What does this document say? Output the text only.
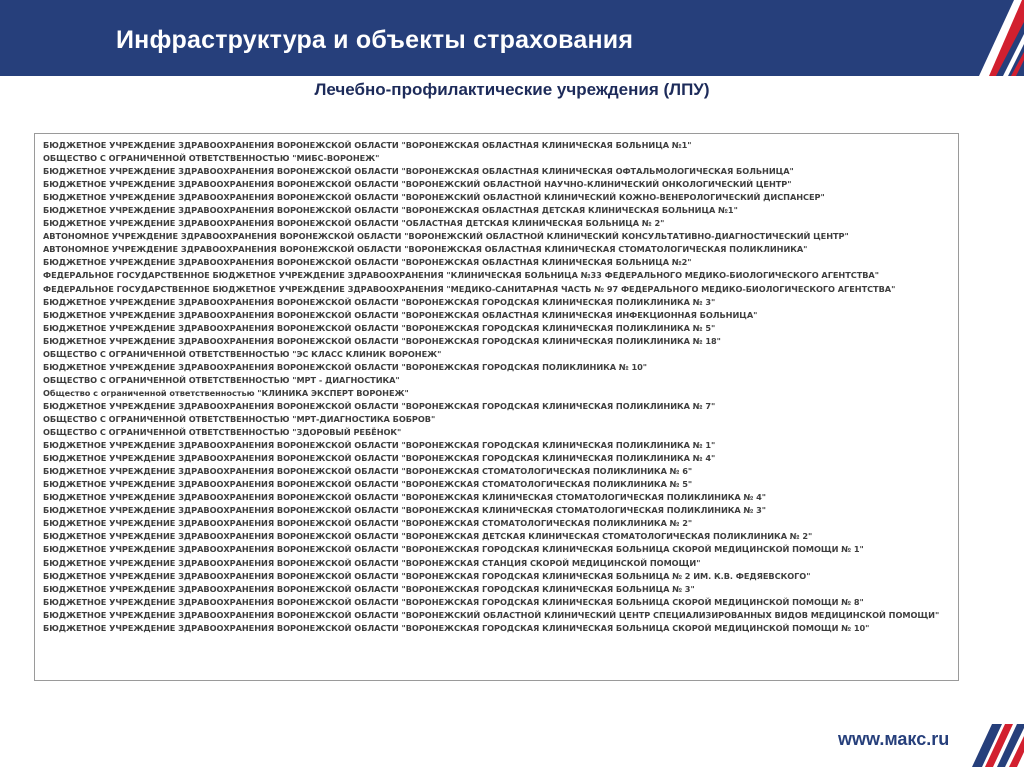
Инфраструктура и объекты страхования
Лечебно-профилактические учреждения (ЛПУ)
БЮДЖЕТНОЕ УЧРЕЖДЕНИЕ ЗДРАВООХРАНЕНИЯ ВОРОНЕЖСКОЙ ОБЛАСТИ "ВОРОНЕЖСКАЯ ОБЛАСТНАЯ КЛИНИЧЕСКАЯ БОЛЬНИЦА №1"
ОБЩЕСТВО С ОГРАНИЧЕННОЙ ОТВЕТСТВЕННОСТЬЮ "МИБС-ВОРОНЕЖ"
БЮДЖЕТНОЕ УЧРЕЖДЕНИЕ ЗДРАВООХРАНЕНИЯ ВОРОНЕЖСКОЙ ОБЛАСТИ "ВОРОНЕЖСКАЯ ОБЛАСТНАЯ КЛИНИЧЕСКАЯ ОФТАЛЬМОЛОГИЧЕСКАЯ БОЛЬНИЦА"
БЮДЖЕТНОЕ УЧРЕЖДЕНИЕ ЗДРАВООХРАНЕНИЯ ВОРОНЕЖСКОЙ ОБЛАСТИ "ВОРОНЕЖСКИЙ ОБЛАСТНОЙ НАУЧНО-КЛИНИЧЕСКИЙ ОНКОЛОГИЧЕСКИЙ ЦЕНТР"
БЮДЖЕТНОЕ УЧРЕЖДЕНИЕ ЗДРАВООХРАНЕНИЯ ВОРОНЕЖСКОЙ ОБЛАСТИ "ВОРОНЕЖСКИЙ ОБЛАСТНОЙ КЛИНИЧЕСКИЙ КОЖНО-ВЕНЕРОЛОГИЧЕСКИЙ ДИСПАНСЕР"
БЮДЖЕТНОЕ УЧРЕЖДЕНИЕ ЗДРАВООХРАНЕНИЯ ВОРОНЕЖСКОЙ ОБЛАСТИ "ВОРОНЕЖСКАЯ ОБЛАСТНАЯ ДЕТСКАЯ КЛИНИЧЕСКАЯ БОЛЬНИЦА №1"
БЮДЖЕТНОЕ УЧРЕЖДЕНИЕ ЗДРАВООХРАНЕНИЯ ВОРОНЕЖСКОЙ ОБЛАСТИ "ОБЛАСТНАЯ ДЕТСКАЯ КЛИНИЧЕСКАЯ БОЛЬНИЦА № 2"
АВТОНОМНОЕ УЧРЕЖДЕНИЕ ЗДРАВООХРАНЕНИЯ ВОРОНЕЖСКОЙ ОБЛАСТИ "ВОРОНЕЖСКИЙ ОБЛАСТНОЙ КЛИНИЧЕСКИЙ КОНСУЛЬТАТИВНО-ДИАГНОСТИЧЕСКИЙ ЦЕНТР"
АВТОНОМНОЕ УЧРЕЖДЕНИЕ ЗДРАВООХРАНЕНИЯ ВОРОНЕЖСКОЙ ОБЛАСТИ "ВОРОНЕЖСКАЯ ОБЛАСТНАЯ КЛИНИЧЕСКАЯ СТОМАТОЛОГИЧЕСКАЯ ПОЛИКЛИНИКА"
БЮДЖЕТНОЕ УЧРЕЖДЕНИЕ ЗДРАВООХРАНЕНИЯ ВОРОНЕЖСКОЙ ОБЛАСТИ "ВОРОНЕЖСКАЯ ОБЛАСТНАЯ КЛИНИЧЕСКАЯ БОЛЬНИЦА №2"
ФЕДЕРАЛЬНОЕ ГОСУДАРСТВЕННОЕ БЮДЖЕТНОЕ УЧРЕЖДЕНИЕ ЗДРАВООХРАНЕНИЯ "КЛИНИЧЕСКАЯ БОЛЬНИЦА №33 ФЕДЕРАЛЬНОГО МЕДИКО-БИОЛОГИЧЕСКОГО АГЕНТСТВА"
ФЕДЕРАЛЬНОЕ ГОСУДАРСТВЕННОЕ БЮДЖЕТНОЕ УЧРЕЖДЕНИЕ ЗДРАВООХРАНЕНИЯ "МЕДИКО-САНИТАРНАЯ ЧАСТЬ № 97 ФЕДЕРАЛЬНОГО МЕДИКО-БИОЛОГИЧЕСКОГО АГЕНТСТВА"
БЮДЖЕТНОЕ УЧРЕЖДЕНИЕ ЗДРАВООХРАНЕНИЯ ВОРОНЕЖСКОЙ ОБЛАСТИ "ВОРОНЕЖСКАЯ ГОРОДСКАЯ КЛИНИЧЕСКАЯ ПОЛИКЛИНИКА № 3"
БЮДЖЕТНОЕ УЧРЕЖДЕНИЕ ЗДРАВООХРАНЕНИЯ ВОРОНЕЖСКОЙ ОБЛАСТИ "ВОРОНЕЖСКАЯ ОБЛАСТНАЯ КЛИНИЧЕСКАЯ ИНФЕКЦИОННАЯ БОЛЬНИЦА"
БЮДЖЕТНОЕ УЧРЕЖДЕНИЕ ЗДРАВООХРАНЕНИЯ ВОРОНЕЖСКОЙ ОБЛАСТИ "ВОРОНЕЖСКАЯ ГОРОДСКАЯ КЛИНИЧЕСКАЯ ПОЛИКЛИНИКА № 5"
БЮДЖЕТНОЕ УЧРЕЖДЕНИЕ ЗДРАВООХРАНЕНИЯ ВОРОНЕЖСКОЙ ОБЛАСТИ "ВОРОНЕЖСКАЯ ГОРОДСКАЯ КЛИНИЧЕСКАЯ ПОЛИКЛИНИКА № 18"
ОБЩЕСТВО С ОГРАНИЧЕННОЙ ОТВЕТСТВЕННОСТЬЮ "ЭС КЛАСС КЛИНИК ВОРОНЕЖ"
БЮДЖЕТНОЕ УЧРЕЖДЕНИЕ ЗДРАВООХРАНЕНИЯ ВОРОНЕЖСКОЙ ОБЛАСТИ "ВОРОНЕЖСКАЯ ГОРОДСКАЯ ПОЛИКЛИНИКА № 10"
ОБЩЕСТВО С ОГРАНИЧЕННОЙ ОТВЕТСТВЕННОСТЬЮ "МРТ - ДИАГНОСТИКА"
Общество с ограниченной ответственностью "КЛИНИКА ЭКСПЕРТ ВОРОНЕЖ"
БЮДЖЕТНОЕ УЧРЕЖДЕНИЕ ЗДРАВООХРАНЕНИЯ ВОРОНЕЖСКОЙ ОБЛАСТИ "ВОРОНЕЖСКАЯ ГОРОДСКАЯ КЛИНИЧЕСКАЯ ПОЛИКЛИНИКА № 7"
ОБЩЕСТВО С ОГРАНИЧЕННОЙ ОТВЕТСТВЕННОСТЬЮ "МРТ-ДИАГНОСТИКА БОБРОВ"
ОБЩЕСТВО С ОГРАНИЧЕННОЙ ОТВЕТСТВЕННОСТЬЮ "ЗДОРОВЫЙ РЕБЁНОК"
БЮДЖЕТНОЕ УЧРЕЖДЕНИЕ ЗДРАВООХРАНЕНИЯ ВОРОНЕЖСКОЙ ОБЛАСТИ "ВОРОНЕЖСКАЯ ГОРОДСКАЯ КЛИНИЧЕСКАЯ ПОЛИКЛИНИКА № 1"
БЮДЖЕТНОЕ УЧРЕЖДЕНИЕ ЗДРАВООХРАНЕНИЯ ВОРОНЕЖСКОЙ ОБЛАСТИ "ВОРОНЕЖСКАЯ ГОРОДСКАЯ КЛИНИЧЕСКАЯ ПОЛИКЛИНИКА № 4"
БЮДЖЕТНОЕ УЧРЕЖДЕНИЕ ЗДРАВООХРАНЕНИЯ ВОРОНЕЖСКОЙ ОБЛАСТИ "ВОРОНЕЖСКАЯ СТОМАТОЛОГИЧЕСКАЯ ПОЛИКЛИНИКА № 6"
БЮДЖЕТНОЕ УЧРЕЖДЕНИЕ ЗДРАВООХРАНЕНИЯ ВОРОНЕЖСКОЙ ОБЛАСТИ "ВОРОНЕЖСКАЯ СТОМАТОЛОГИЧЕСКАЯ ПОЛИКЛИНИКА № 5"
БЮДЖЕТНОЕ УЧРЕЖДЕНИЕ ЗДРАВООХРАНЕНИЯ ВОРОНЕЖСКОЙ ОБЛАСТИ "ВОРОНЕЖСКАЯ КЛИНИЧЕСКАЯ СТОМАТОЛОГИЧЕСКАЯ ПОЛИКЛИНИКА № 4"
БЮДЖЕТНОЕ УЧРЕЖДЕНИЕ ЗДРАВООХРАНЕНИЯ ВОРОНЕЖСКОЙ ОБЛАСТИ "ВОРОНЕЖСКАЯ КЛИНИЧЕСКАЯ СТОМАТОЛОГИЧЕСКАЯ ПОЛИКЛИНИКА № 3"
БЮДЖЕТНОЕ УЧРЕЖДЕНИЕ ЗДРАВООХРАНЕНИЯ ВОРОНЕЖСКОЙ ОБЛАСТИ "ВОРОНЕЖСКАЯ СТОМАТОЛОГИЧЕСКАЯ ПОЛИКЛИНИКА № 2"
БЮДЖЕТНОЕ УЧРЕЖДЕНИЕ ЗДРАВООХРАНЕНИЯ ВОРОНЕЖСКОЙ ОБЛАСТИ "ВОРОНЕЖСКАЯ ДЕТСКАЯ КЛИНИЧЕСКАЯ СТОМАТОЛОГИЧЕСКАЯ ПОЛИКЛИНИКА № 2"
БЮДЖЕТНОЕ УЧРЕЖДЕНИЕ ЗДРАВООХРАНЕНИЯ ВОРОНЕЖСКОЙ ОБЛАСТИ "ВОРОНЕЖСКАЯ ГОРОДСКАЯ КЛИНИЧЕСКАЯ БОЛЬНИЦА СКОРОЙ МЕДИЦИНСКОЙ ПОМОЩИ № 1"
БЮДЖЕТНОЕ УЧРЕЖДЕНИЕ ЗДРАВООХРАНЕНИЯ ВОРОНЕЖСКОЙ ОБЛАСТИ "ВОРОНЕЖСКАЯ СТАНЦИЯ СКОРОЙ МЕДИЦИНСКОЙ ПОМОЩИ"
БЮДЖЕТНОЕ УЧРЕЖДЕНИЕ ЗДРАВООХРАНЕНИЯ ВОРОНЕЖСКОЙ ОБЛАСТИ "ВОРОНЕЖСКАЯ ГОРОДСКАЯ КЛИНИЧЕСКАЯ БОЛЬНИЦА № 2 ИМ. К.В. ФЕДЯЕВСКОГО"
БЮДЖЕТНОЕ УЧРЕЖДЕНИЕ ЗДРАВООХРАНЕНИЯ ВОРОНЕЖСКОЙ ОБЛАСТИ "ВОРОНЕЖСКАЯ ГОРОДСКАЯ КЛИНИЧЕСКАЯ БОЛЬНИЦА № 3"
БЮДЖЕТНОЕ УЧРЕЖДЕНИЕ ЗДРАВООХРАНЕНИЯ ВОРОНЕЖСКОЙ ОБЛАСТИ "ВОРОНЕЖСКАЯ ГОРОДСКАЯ КЛИНИЧЕСКАЯ БОЛЬНИЦА СКОРОЙ МЕДИЦИНСКОЙ ПОМОЩИ № 8"
БЮДЖЕТНОЕ УЧРЕЖДЕНИЕ ЗДРАВООХРАНЕНИЯ ВОРОНЕЖСКОЙ ОБЛАСТИ "ВОРОНЕЖСКИЙ ОБЛАСТНОЙ КЛИНИЧЕСКИЙ ЦЕНТР СПЕЦИАЛИЗИРОВАННЫХ ВИДОВ МЕДИЦИНСКОЙ ПОМОЩИ"
БЮДЖЕТНОЕ УЧРЕЖДЕНИЕ ЗДРАВООХРАНЕНИЯ ВОРОНЕЖСКОЙ ОБЛАСТИ "ВОРОНЕЖСКАЯ ГОРОДСКАЯ КЛИНИЧЕСКАЯ БОЛЬНИЦА СКОРОЙ МЕДИЦИНСКОЙ ПОМОЩИ № 10"
www.макс.ru
